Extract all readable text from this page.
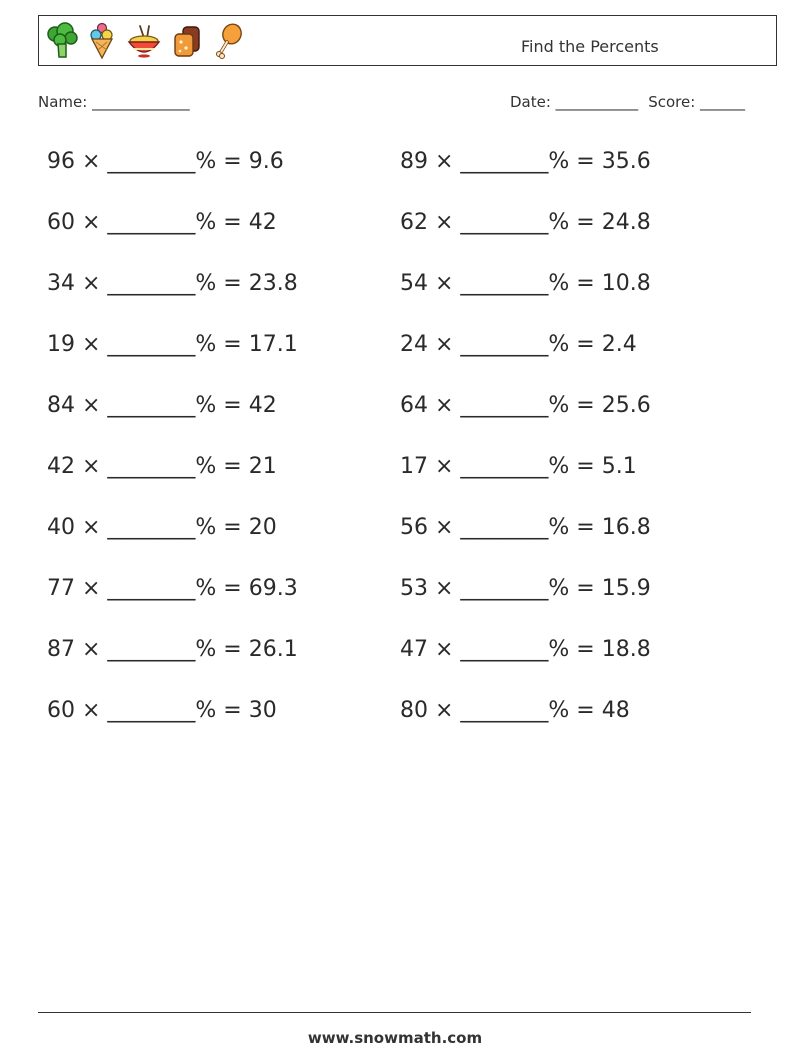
Find the Percents
Name: _____________	Date: ___________ Score: ______
96 × ________% = 9.6	89 × ________% = 35.6
60 × ________% = 42	62 × ________% = 24.8
34 × ________% = 23.8	54 × ________% = 10.8
19 × ________% = 17.1	24 × ________% = 2.4
84 × ________% = 42	64 × ________% = 25.6
42 × ________% = 21	17 × ________% = 5.1
40 × ________% = 20	56 × ________% = 16.8
77 × ________% = 69.3	53 × ________% = 15.9
87 × ________% = 26.1	47 × ________% = 18.8
60 × ________% = 30	80 × ________% = 48
www.snowmath.com
